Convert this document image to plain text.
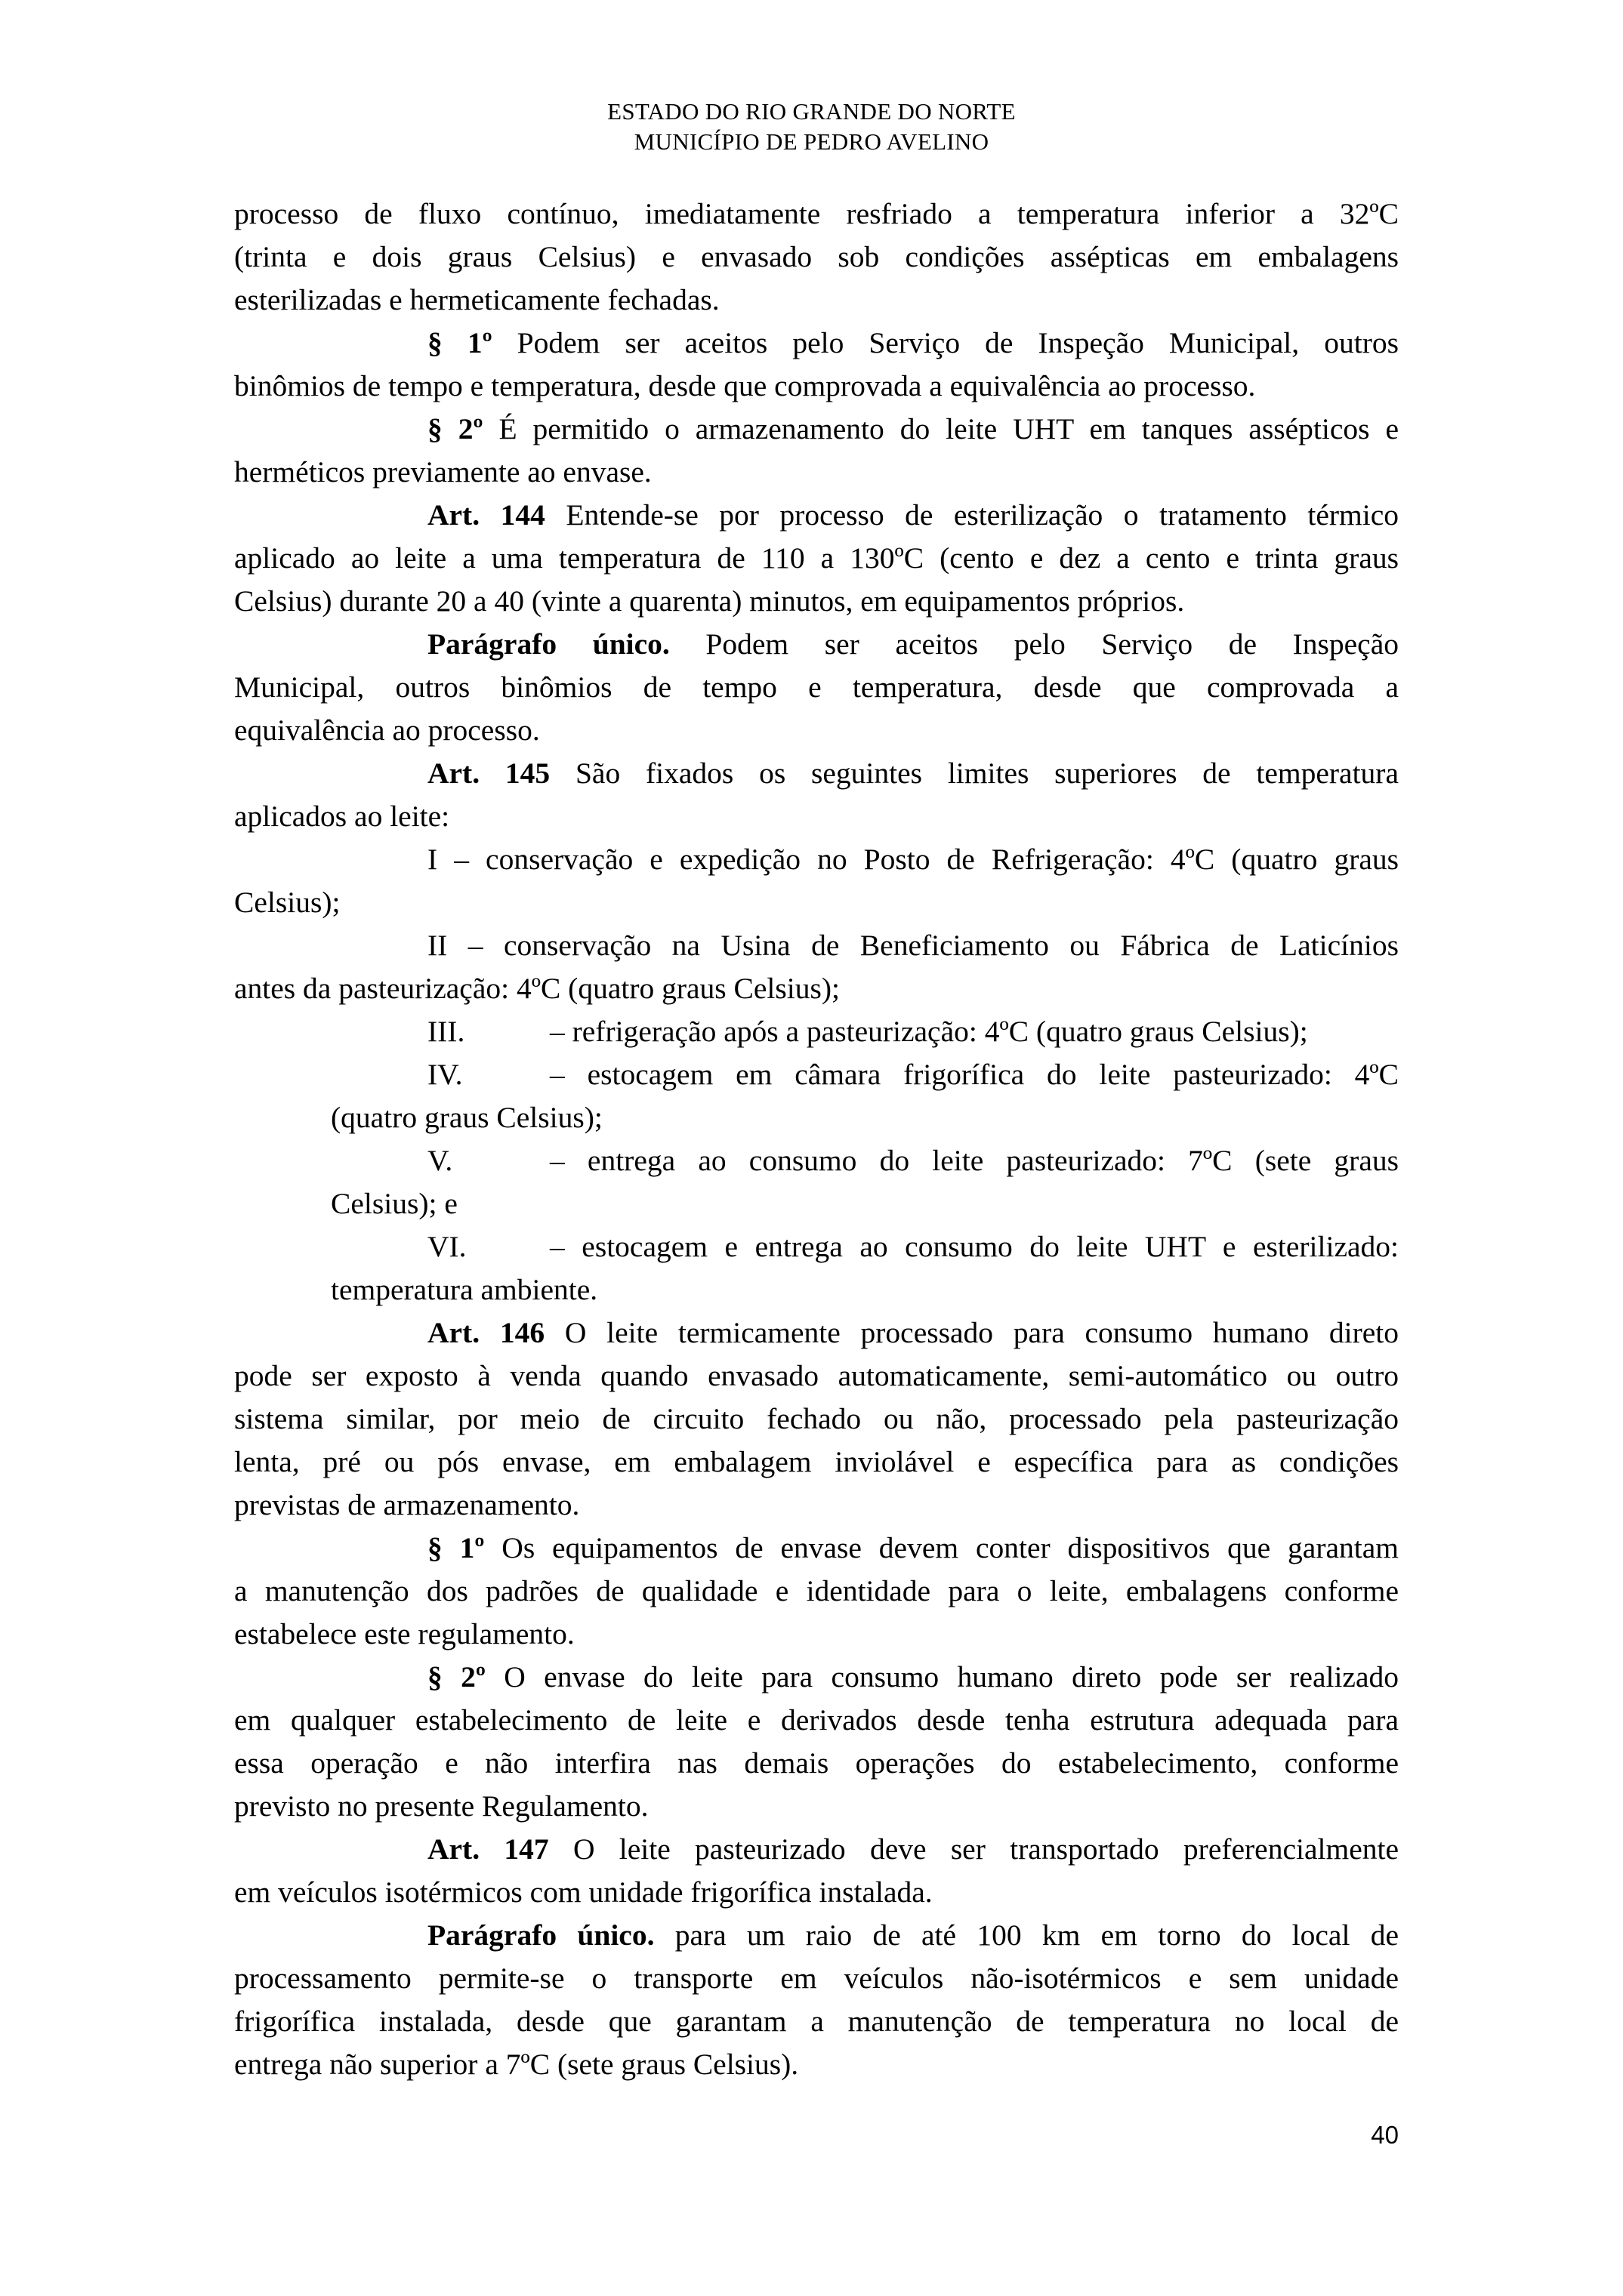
ESTADO DO RIO GRANDE DO NORTE
MUNICÍPIO DE PEDRO AVELINO
processo de fluxo contínuo, imediatamente resfriado a temperatura inferior a 32ºC
(trinta e dois graus Celsius) e envasado sob condições assépticas em embalagens
esterilizadas e hermeticamente fechadas.
§ 1º Podem ser aceitos pelo Serviço de Inspeção Municipal, outros
binômios de tempo e temperatura, desde que comprovada a equivalência ao processo.
§ 2º É permitido o armazenamento do leite UHT em tanques assépticos e
herméticos previamente ao envase.
Art. 144 Entende-se por processo de esterilização o tratamento térmico
aplicado ao leite a uma temperatura de 110 a 130ºC (cento e dez a cento e trinta graus
Celsius) durante 20 a 40 (vinte a quarenta) minutos, em equipamentos próprios.
Parágrafo único. Podem ser aceitos pelo Serviço de Inspeção
Municipal, outros binômios de tempo e temperatura, desde que comprovada a
equivalência ao processo.
Art. 145 São fixados os seguintes limites superiores de temperatura
aplicados ao leite:
I – conservação e expedição no Posto de Refrigeração: 4ºC (quatro graus
Celsius);
II – conservação na Usina de Beneficiamento ou Fábrica de Laticínios
antes da pasteurização: 4ºC (quatro graus Celsius);
III.	– refrigeração após a pasteurização: 4ºC (quatro graus Celsius);
IV.	– estocagem em câmara frigorífica do leite pasteurizado: 4ºC
(quatro graus Celsius);
V.	– entrega ao consumo do leite pasteurizado: 7ºC (sete graus
Celsius); e
VI.	– estocagem e entrega ao consumo do leite UHT e esterilizado:
temperatura ambiente.
Art. 146 O leite termicamente processado para consumo humano direto
pode ser exposto à venda quando envasado automaticamente, semi-automático ou outro
sistema similar, por meio de circuito fechado ou não, processado pela pasteurização
lenta, pré ou pós envase, em embalagem inviolável e específica para as condições
previstas de armazenamento.
§ 1º Os equipamentos de envase devem conter dispositivos que garantam
a manutenção dos padrões de qualidade e identidade para o leite, embalagens conforme
estabelece este regulamento.
§ 2º O envase do leite para consumo humano direto pode ser realizado
em qualquer estabelecimento de leite e derivados desde tenha estrutura adequada para
essa operação e não interfira nas demais operações do estabelecimento, conforme
previsto no presente Regulamento.
Art. 147 O leite pasteurizado deve ser transportado preferencialmente
em veículos isotérmicos com unidade frigorífica instalada.
Parágrafo único. para um raio de até 100 km em torno do local de
processamento permite-se o transporte em veículos não-isotérmicos e sem unidade
frigorífica instalada, desde que garantam a manutenção de temperatura no local de
entrega não superior a 7ºC (sete graus Celsius).
40
